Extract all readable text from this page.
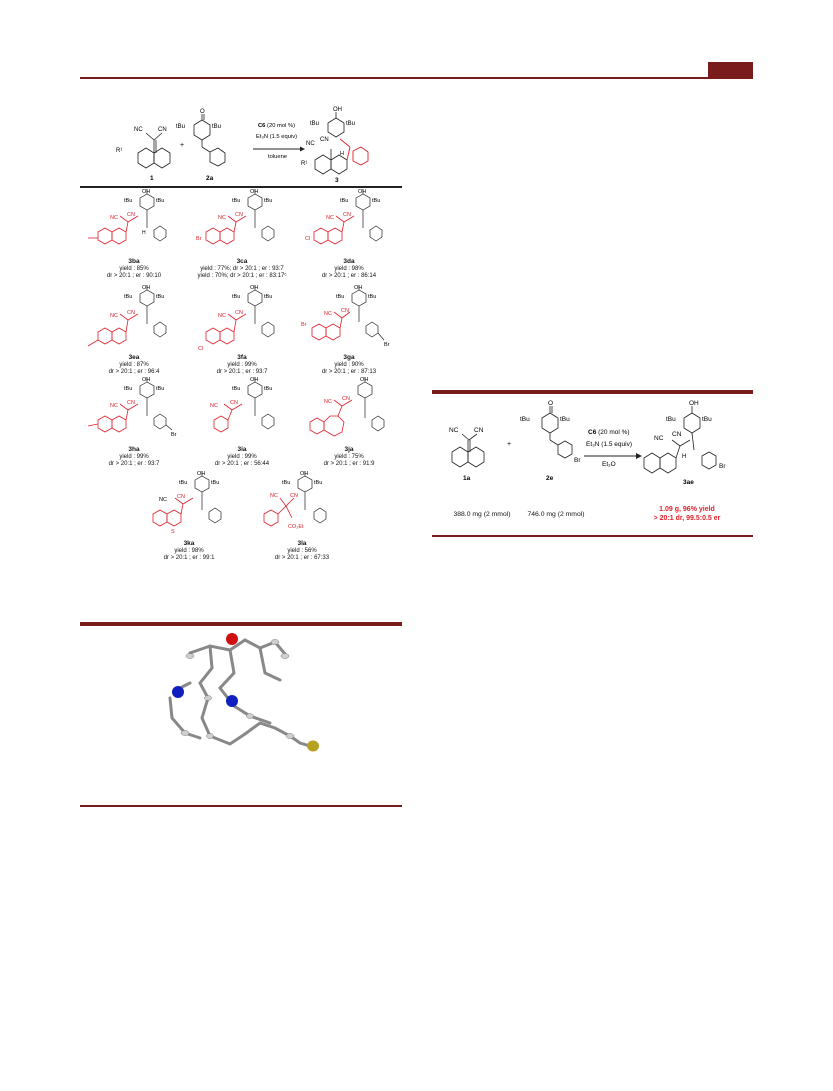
NC	CN
R¹
1
+
O
tBu	tBu
2a
C6 (20 mol %)
Et₃N (1.5 equiv)
toluene
OH
tBu	tBu
NC
CN
H
R¹
3
OH
tBu	tBu
NC CN
H
3ba
yield : 85%
dr > 20:1 ; er : 90:10
OH
tBu	tBu
NC CN
Br
3ca
yield : 77%; dr > 20:1 ; er : 93:7
yield : 70%; dr > 20:1 ; er : 83:17ᶜ
OH
tBu	tBu
NC CN
Cl
3da
yield : 98%
dr > 20:1 ; er : 86:14
OH
tBu	tBu
NC CN
3ea
yield : 87%
dr > 20:1 ; er : 96:4
OH
tBu	tBu
NC CN
Cl
3fa
yield : 99%
dr > 20:1 ; er : 93:7
OH
tBu	tBu
NC CN
Br
Br
3ga
yield : 90%
dr > 20:1 ; er : 87:13
OH
tBu	tBu
NC CN
Br
3ha
yield : 99%
dr > 20:1 ; er : 93:7
OH
tBu	tBu
NC CN
3ia
yield : 99%
dr > 20:1 ; er : 56:44
OH
NC CN
3ja
yield : 75%
dr > 20:1 ; er : 91:9
OH
tBu	tBu
NC CN
S
3ka
yield : 98%
dr > 20:1 ; er : 99:1
OH
tBu	tBu
NC CN
CO₂Et
3la
yield : 56%
dr > 20:1 ; er : 67:33
NC CN
1a
+
O
tBu	tBu
Br
2e
C6 (20 mol %)
Et₃N (1.5 equiv)
Et₂O
OH
tBu	tBu
NC
CN
H
Br
3ae
388.0 mg (2 mmol)	746.0 mg (2 mmol)
1.09 g, 96% yield
> 20:1 dr, 99.5:0.5 er
